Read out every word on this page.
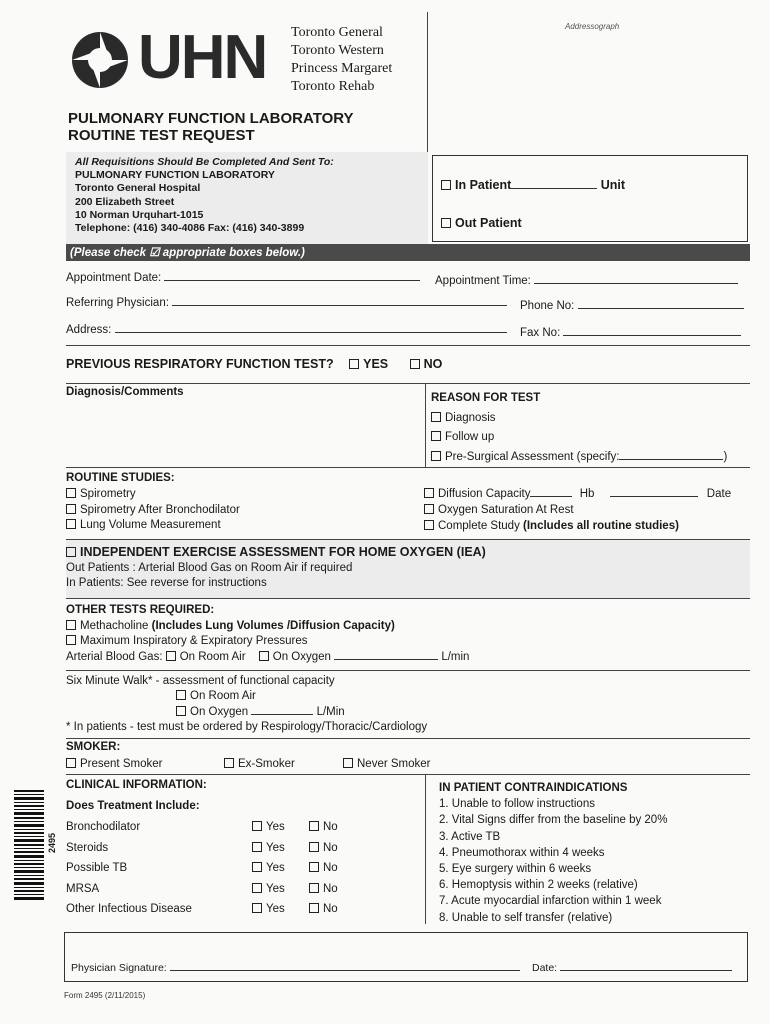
UHN Toronto General
Toronto Western
Princess Margaret
Toronto Rehab
Addressograph
PULMONARY FUNCTION LABORATORY
ROUTINE TEST REQUEST
All Requisitions Should Be Completed And Sent To:
PULMONARY FUNCTION LABORATORY
Toronto General Hospital
200 Elizabeth Street
10 Norman Urquhart-1015
Telephone: (416) 340-4086 Fax: (416) 340-3899
In Patient	Unit
Out Patient
(Please check ☑ appropriate boxes below.)
Appointment Date:	Appointment Time:
Referring Physician:	Phone No:
Address:	Fax No:
PREVIOUS RESPIRATORY FUNCTION TEST? YES	NO
Diagnosis/Comments	REASON FOR TEST
Diagnosis
Follow up
Pre-Surgical Assessment (specify:	)
ROUTINE STUDIES:
Spirometry
Spirometry After Bronchodilator
Lung Volume Measurement
Diffusion Capacity	Hb	Date
Oxygen Saturation At Rest
Complete Study (Includes all routine studies)
INDEPENDENT EXERCISE ASSESSMENT FOR HOME OXYGEN (IEA)
Out Patients : Arterial Blood Gas on Room Air if required
In Patients: See reverse for instructions
OTHER TESTS REQUIRED:
Methacholine (Includes Lung Volumes /Diffusion Capacity)
Maximum Inspiratory & Expiratory Pressures
Arterial Blood Gas: On Room Air On Oxygen	L/min
Six Minute Walk* - assessment of functional capacity
On Room Air
On Oxygen	L/Min
* In patients - test must be ordered by Respirology/Thoracic/Cardiology
SMOKER:
Present Smoker	Ex-Smoker	Never Smoker
CLINICAL INFORMATION:
Does Treatment Include:
Bronchodilator	Yes	No
Steroids	Yes	No
Possible TB	Yes	No
MRSA	Yes	No
Other Infectious Disease	Yes	No
IN PATIENT CONTRAINDICATIONS
1. Unable to follow instructions
2. Vital Signs differ from the baseline by 20%
3. Active TB
4. Pneumothorax within 4 weeks
5. Eye surgery within 6 weeks
6. Hemoptysis within 2 weeks (relative)
7. Acute myocardial infarction within 1 week
8. Unable to self transfer (relative)
2495
Physician Signature:	Date:
Form 2495 (2/11/2015)
